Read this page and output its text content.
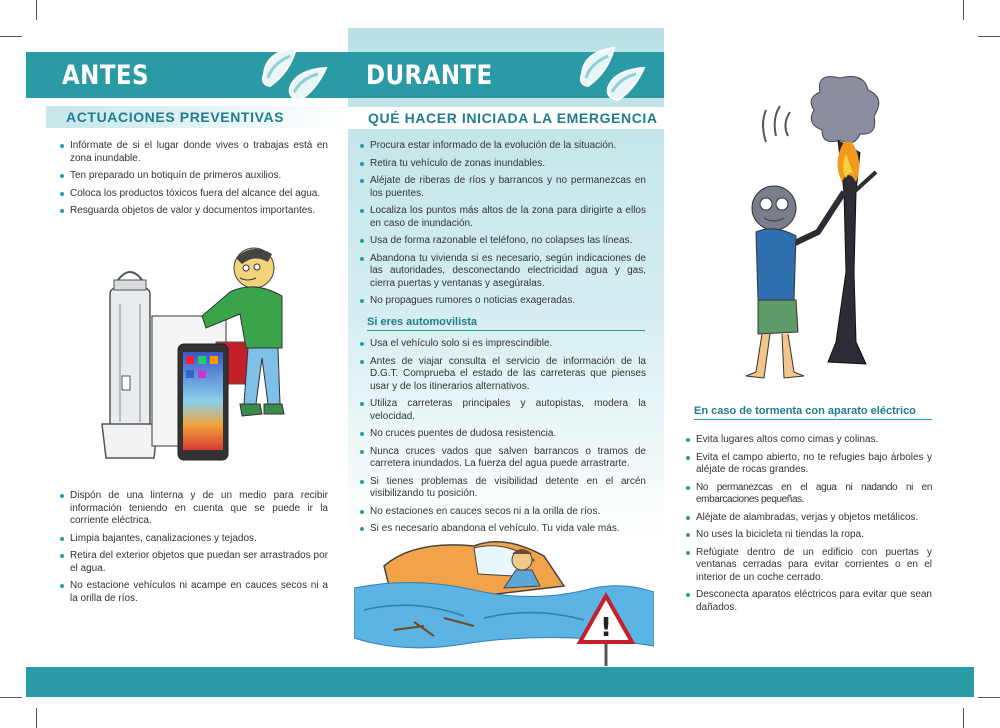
ANTES
ACTUACIONES PREVENTIVAS
Infórmate de si el lugar donde vives o trabajas está en zona inundable.
Ten preparado un botiquín de primeros auxilios.
Coloca los productos tóxicos fuera del alcance del agua.
Resguarda objetos de valor y documentos importantes.
Dispón de una linterna y de un medio para recibir información teniendo en cuenta que se puede ir la corriente eléctrica.
Limpia bajantes, canalizaciones y tejados.
Retira del exterior objetos que puedan ser arrastrados por el agua.
No estacione vehículos ni acampe en cauces secos ni a la orilla de ríos.
DURANTE
QUÉ HACER INICIADA LA EMERGENCIA
Procura estar informado de la evolución de la situación.
Retira tu vehículo de zonas inundables.
Aléjate de riberas de ríos y barrancos y no permanezcas en los puentes.
Localiza los puntos más altos de la zona para dirigirte a ellos en caso de inundación.
Usa de forma razonable el teléfono, no colapses las líneas.
Abandona tu vivienda si es necesario, según indicaciones de las autoridades, desconectando electricidad agua y gas, cierra puertas y ventanas y asegúralas.
No propagues rumores o noticias exageradas.
Si eres automovilista
Usa el vehículo solo si es imprescindible.
Antes de viajar consulta el servicio de información de la D.G.T. Comprueba el estado de las carreteras que pienses usar y de los itinerarios alternativos.
Utiliza carreteras principales y autopistas, modera la velocidad.
No cruces puentes de dudosa resistencia.
Nunca cruces vados que salven barrancos o tramos de carretera inundados. La fuerza del agua puede arrastrarte.
Si tienes problemas de visibilidad detente en el arcén visibilizando tu posición.
No estaciones en cauces secos ni a la orilla de ríos.
Si es necesario abandona el vehículo. Tu vida vale más.
!
En caso de tormenta con aparato eléctrico
Evita lugares altos como cimas y colinas.
Evita el campo abierto, no te refugies bajo árboles y aléjate de rocas grandes.
No permanezcas en el agua ni nadando ni en embarcaciones pequeñas.
Aléjate de alambradas, verjas y objetos metálicos.
No uses la bicicleta ni tiendas la ropa.
Refúgiate dentro de un edificio con puertas y ventanas cerradas para evitar corrientes o en el interior de un coche cerrado.
Desconecta aparatos eléctricos para evitar que sean dañados.
